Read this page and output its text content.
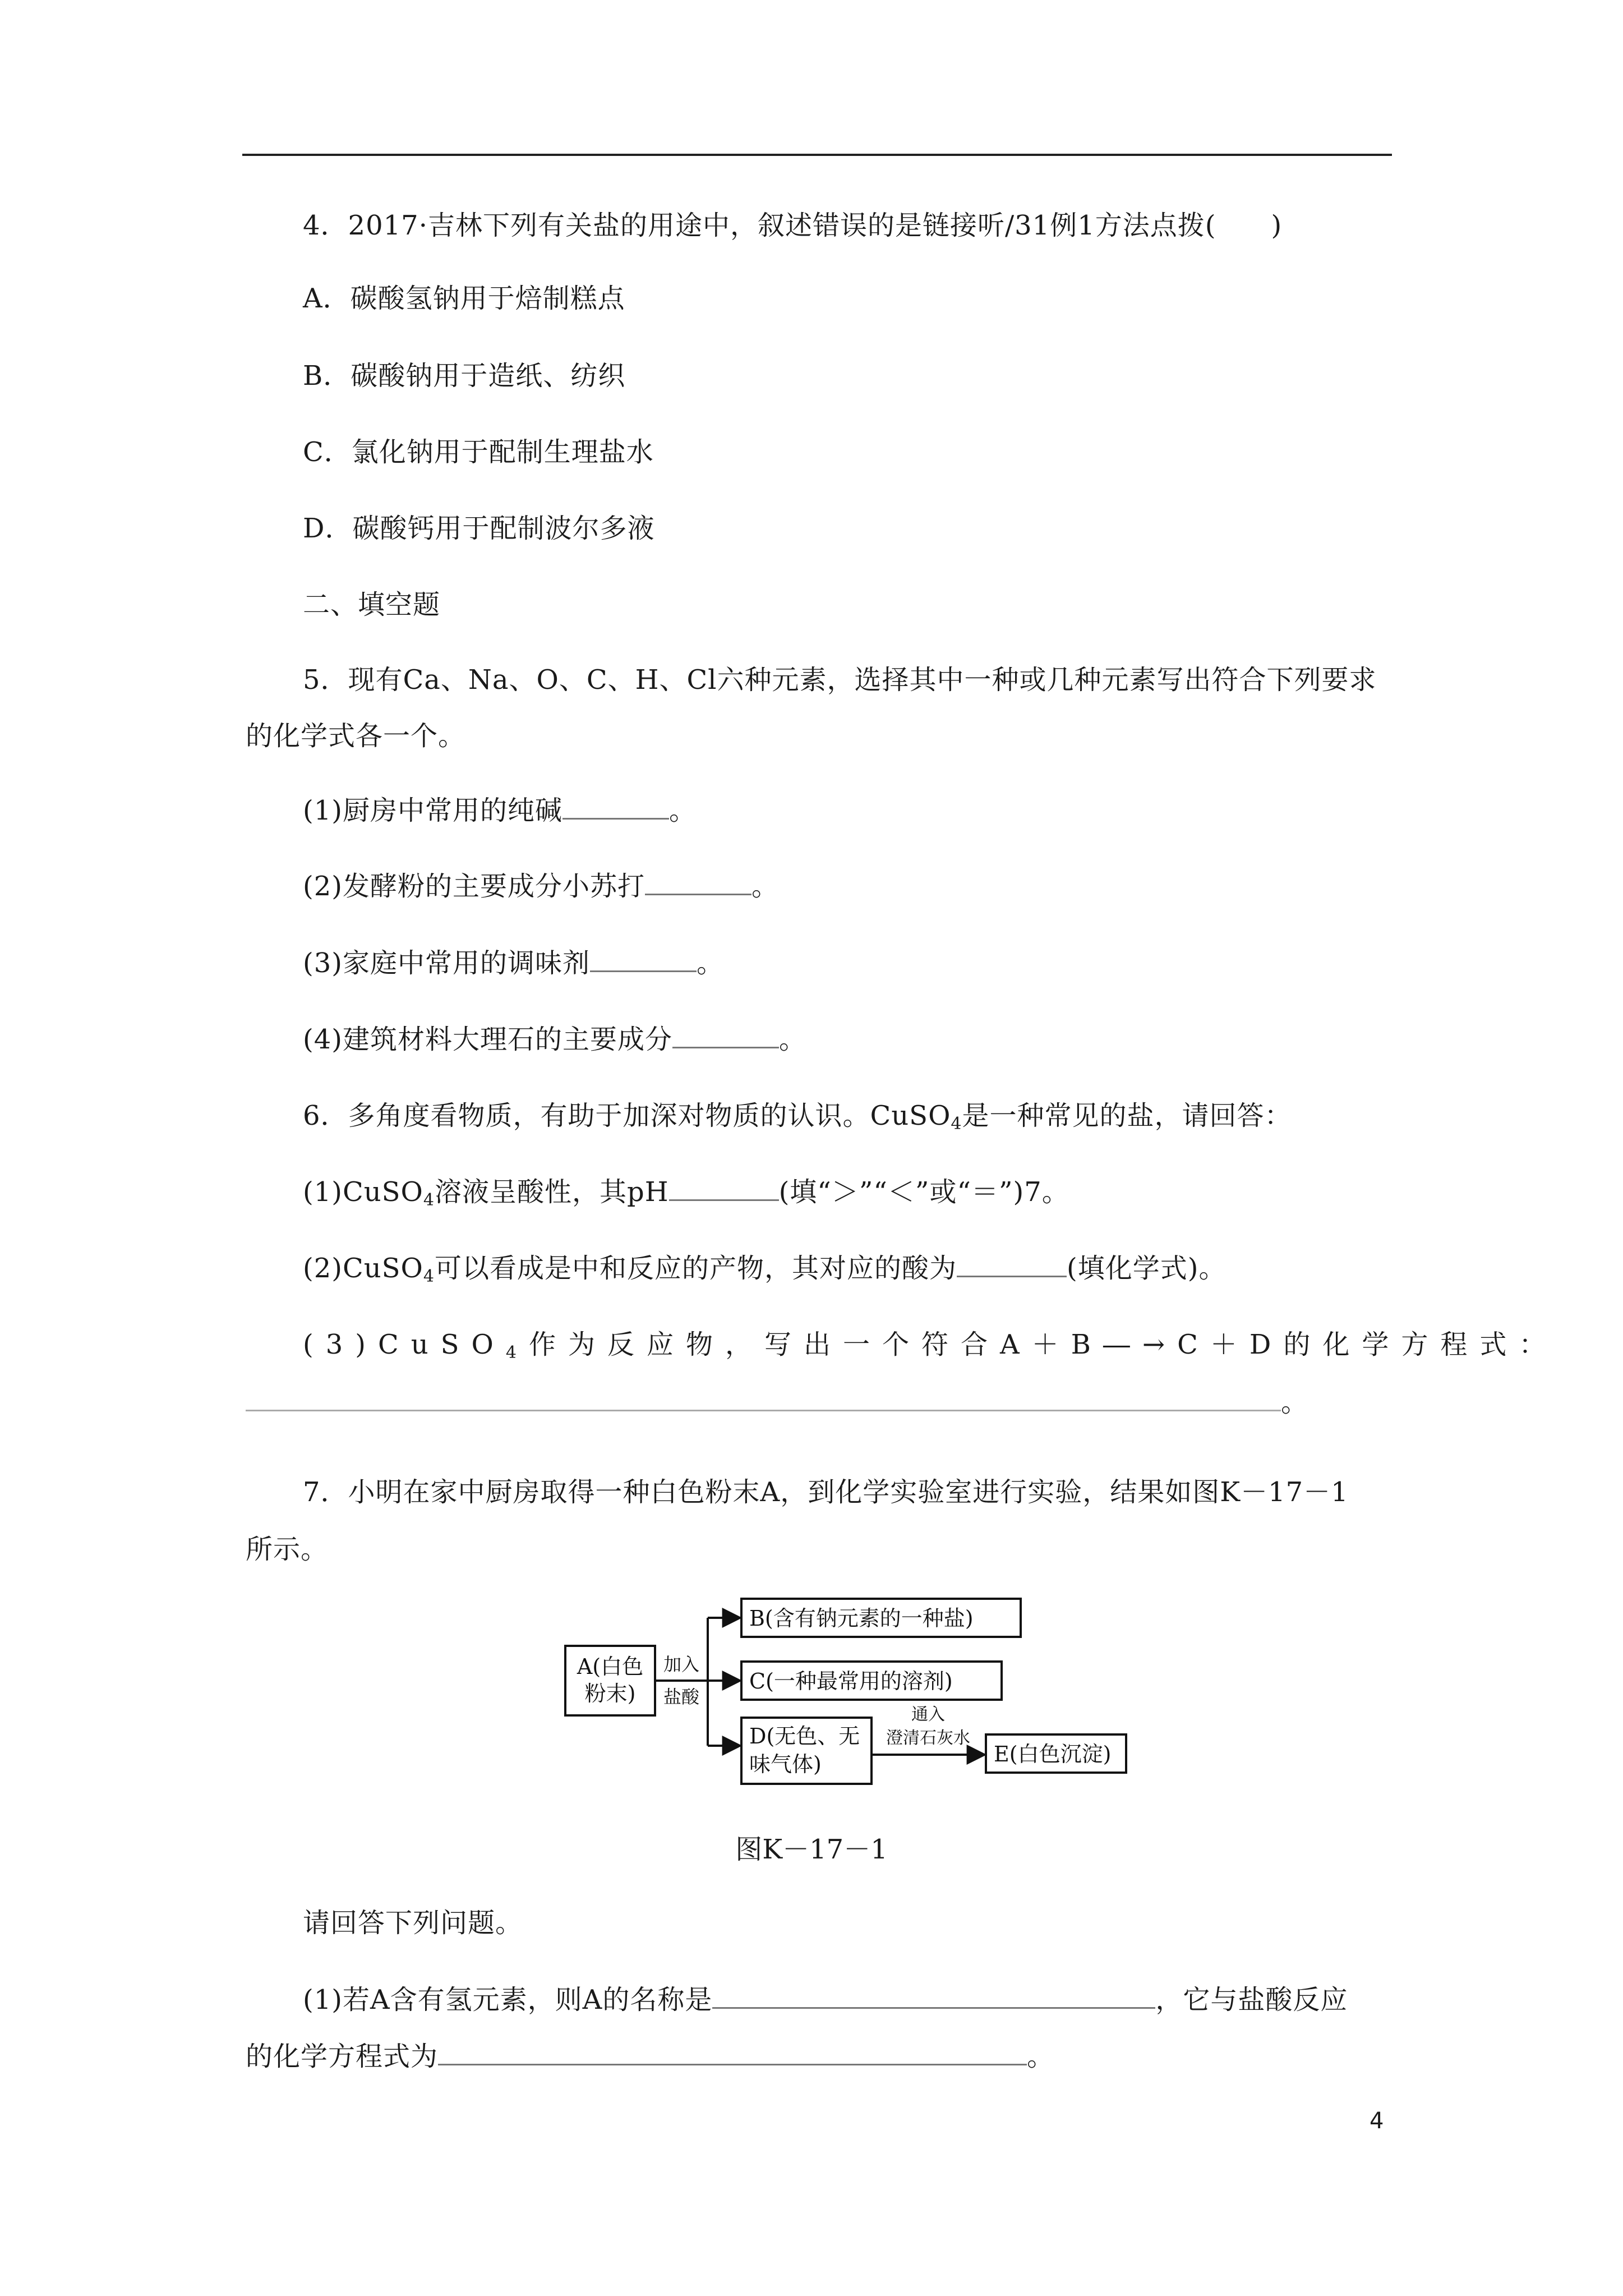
4．2017·吉林下列有关盐的用途中，叙述错误的是链接听/31例1方法点拨(　　)
A．碳酸氢钠用于焙制糕点
B．碳酸钠用于造纸、纺织
C．氯化钠用于配制生理盐水
D．碳酸钙用于配制波尔多液
二、填空题
5．现有Ca、Na、O、C、H、Cl六种元素，选择其中一种或几种元素写出符合下列要求
的化学式各一个。
(1)厨房中常用的纯碱	。
(2)发酵粉的主要成分小苏打	。
(3)家庭中常用的调味剂	。
(4)建筑材料大理石的主要成分	。
6．多角度看物质，有助于加深对物质的认识。CuSO$_4$是一种常见的盐，请回答：
(1)CuSO$_4$溶液呈酸性，其pH	(填“＞”“＜”或“＝”)7。
(2)CuSO$_4$可以看成是中和反应的产物，其对应的酸为	(填化学式)。
(3)CuSO$_4$作为反应物，写出一个符合A＋B―→C＋D的化学方程式：
。
7．小明在家中厨房取得一种白色粉末A，到化学实验室进行实验，结果如图K－17－1
所示。
A(白色
粉末)
加入
盐酸
B(含有钠元素的一种盐)
C(一种最常用的溶剂)
D(无色、无
味气体)
通入
澄清石灰水
E(白色沉淀)
图K－17－1
请回答下列问题。
(1)若A含有氢元素，则A的名称是	，它与盐酸反应
的化学方程式为	。
4
